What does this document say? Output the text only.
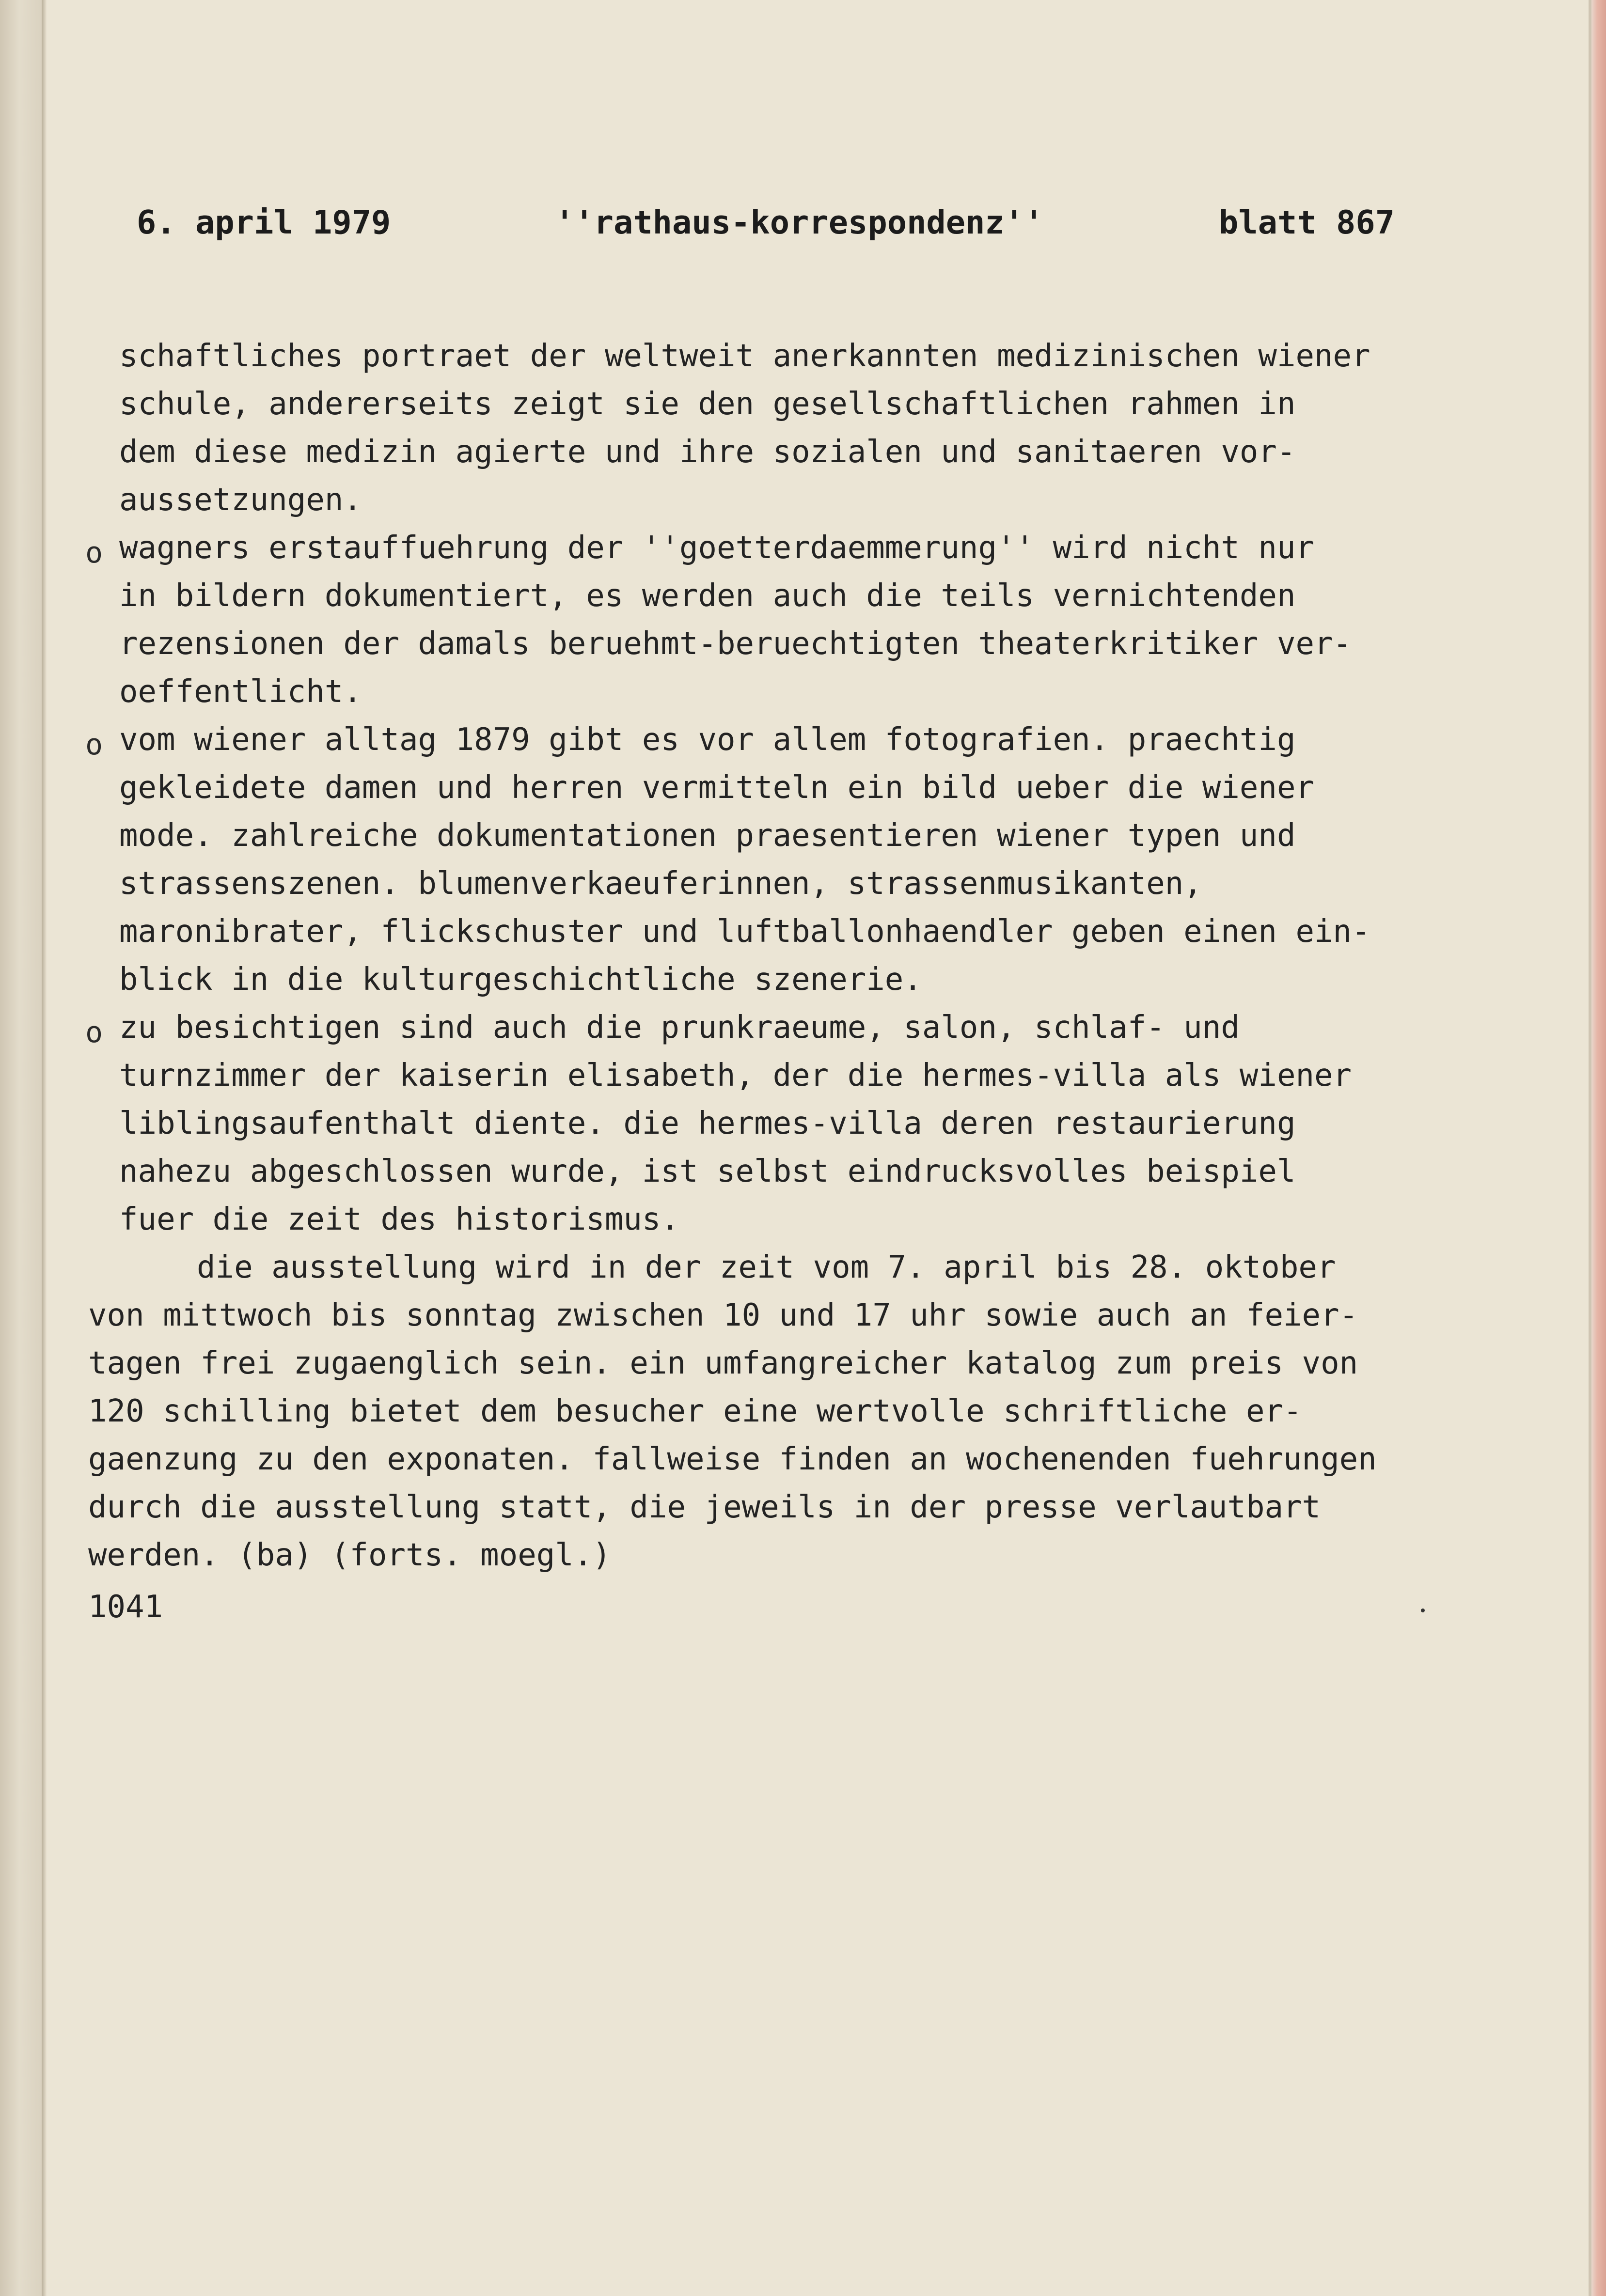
6. april 1979	''rathaus-korrespondenz''	blatt 867
schaftliches portraet der weltweit anerkannten medizinischen wiener
schule, andererseits zeigt sie den gesellschaftlichen rahmen in
dem diese medizin agierte und ihre sozialen und sanitaeren vor-
aussetzungen.
o wagners erstauffuehrung der ''goetterdaemmerung'' wird nicht nur
in bildern dokumentiert, es werden auch die teils vernichtenden
rezensionen der damals beruehmt-beruechtigten theaterkritiker ver-
oeffentlicht.
o vom wiener alltag 1879 gibt es vor allem fotografien. praechtig
gekleidete damen und herren vermitteln ein bild ueber die wiener
mode. zahlreiche dokumentationen praesentieren wiener typen und
strassenszenen. blumenverkaeuferinnen, strassenmusikanten,
maronibrater, flickschuster und luftballonhaendler geben einen ein-
blick in die kulturgeschichtliche szenerie.
o zu besichtigen sind auch die prunkraeume, salon, schlaf- und
turnzimmer der kaiserin elisabeth, der die hermes-villa als wiener
liblingsaufenthalt diente. die hermes-villa deren restaurierung
nahezu abgeschlossen wurde, ist selbst eindrucksvolles beispiel
fuer die zeit des historismus.
die ausstellung wird in der zeit vom 7. april bis 28. oktober
von mittwoch bis sonntag zwischen 10 und 17 uhr sowie auch an feier-
tagen frei zugaenglich sein. ein umfangreicher katalog zum preis von
120 schilling bietet dem besucher eine wertvolle schriftliche er-
gaenzung zu den exponaten. fallweise finden an wochenenden fuehrungen
durch die ausstellung statt, die jeweils in der presse verlautbart
werden. (ba) (forts. moegl.)
1041
